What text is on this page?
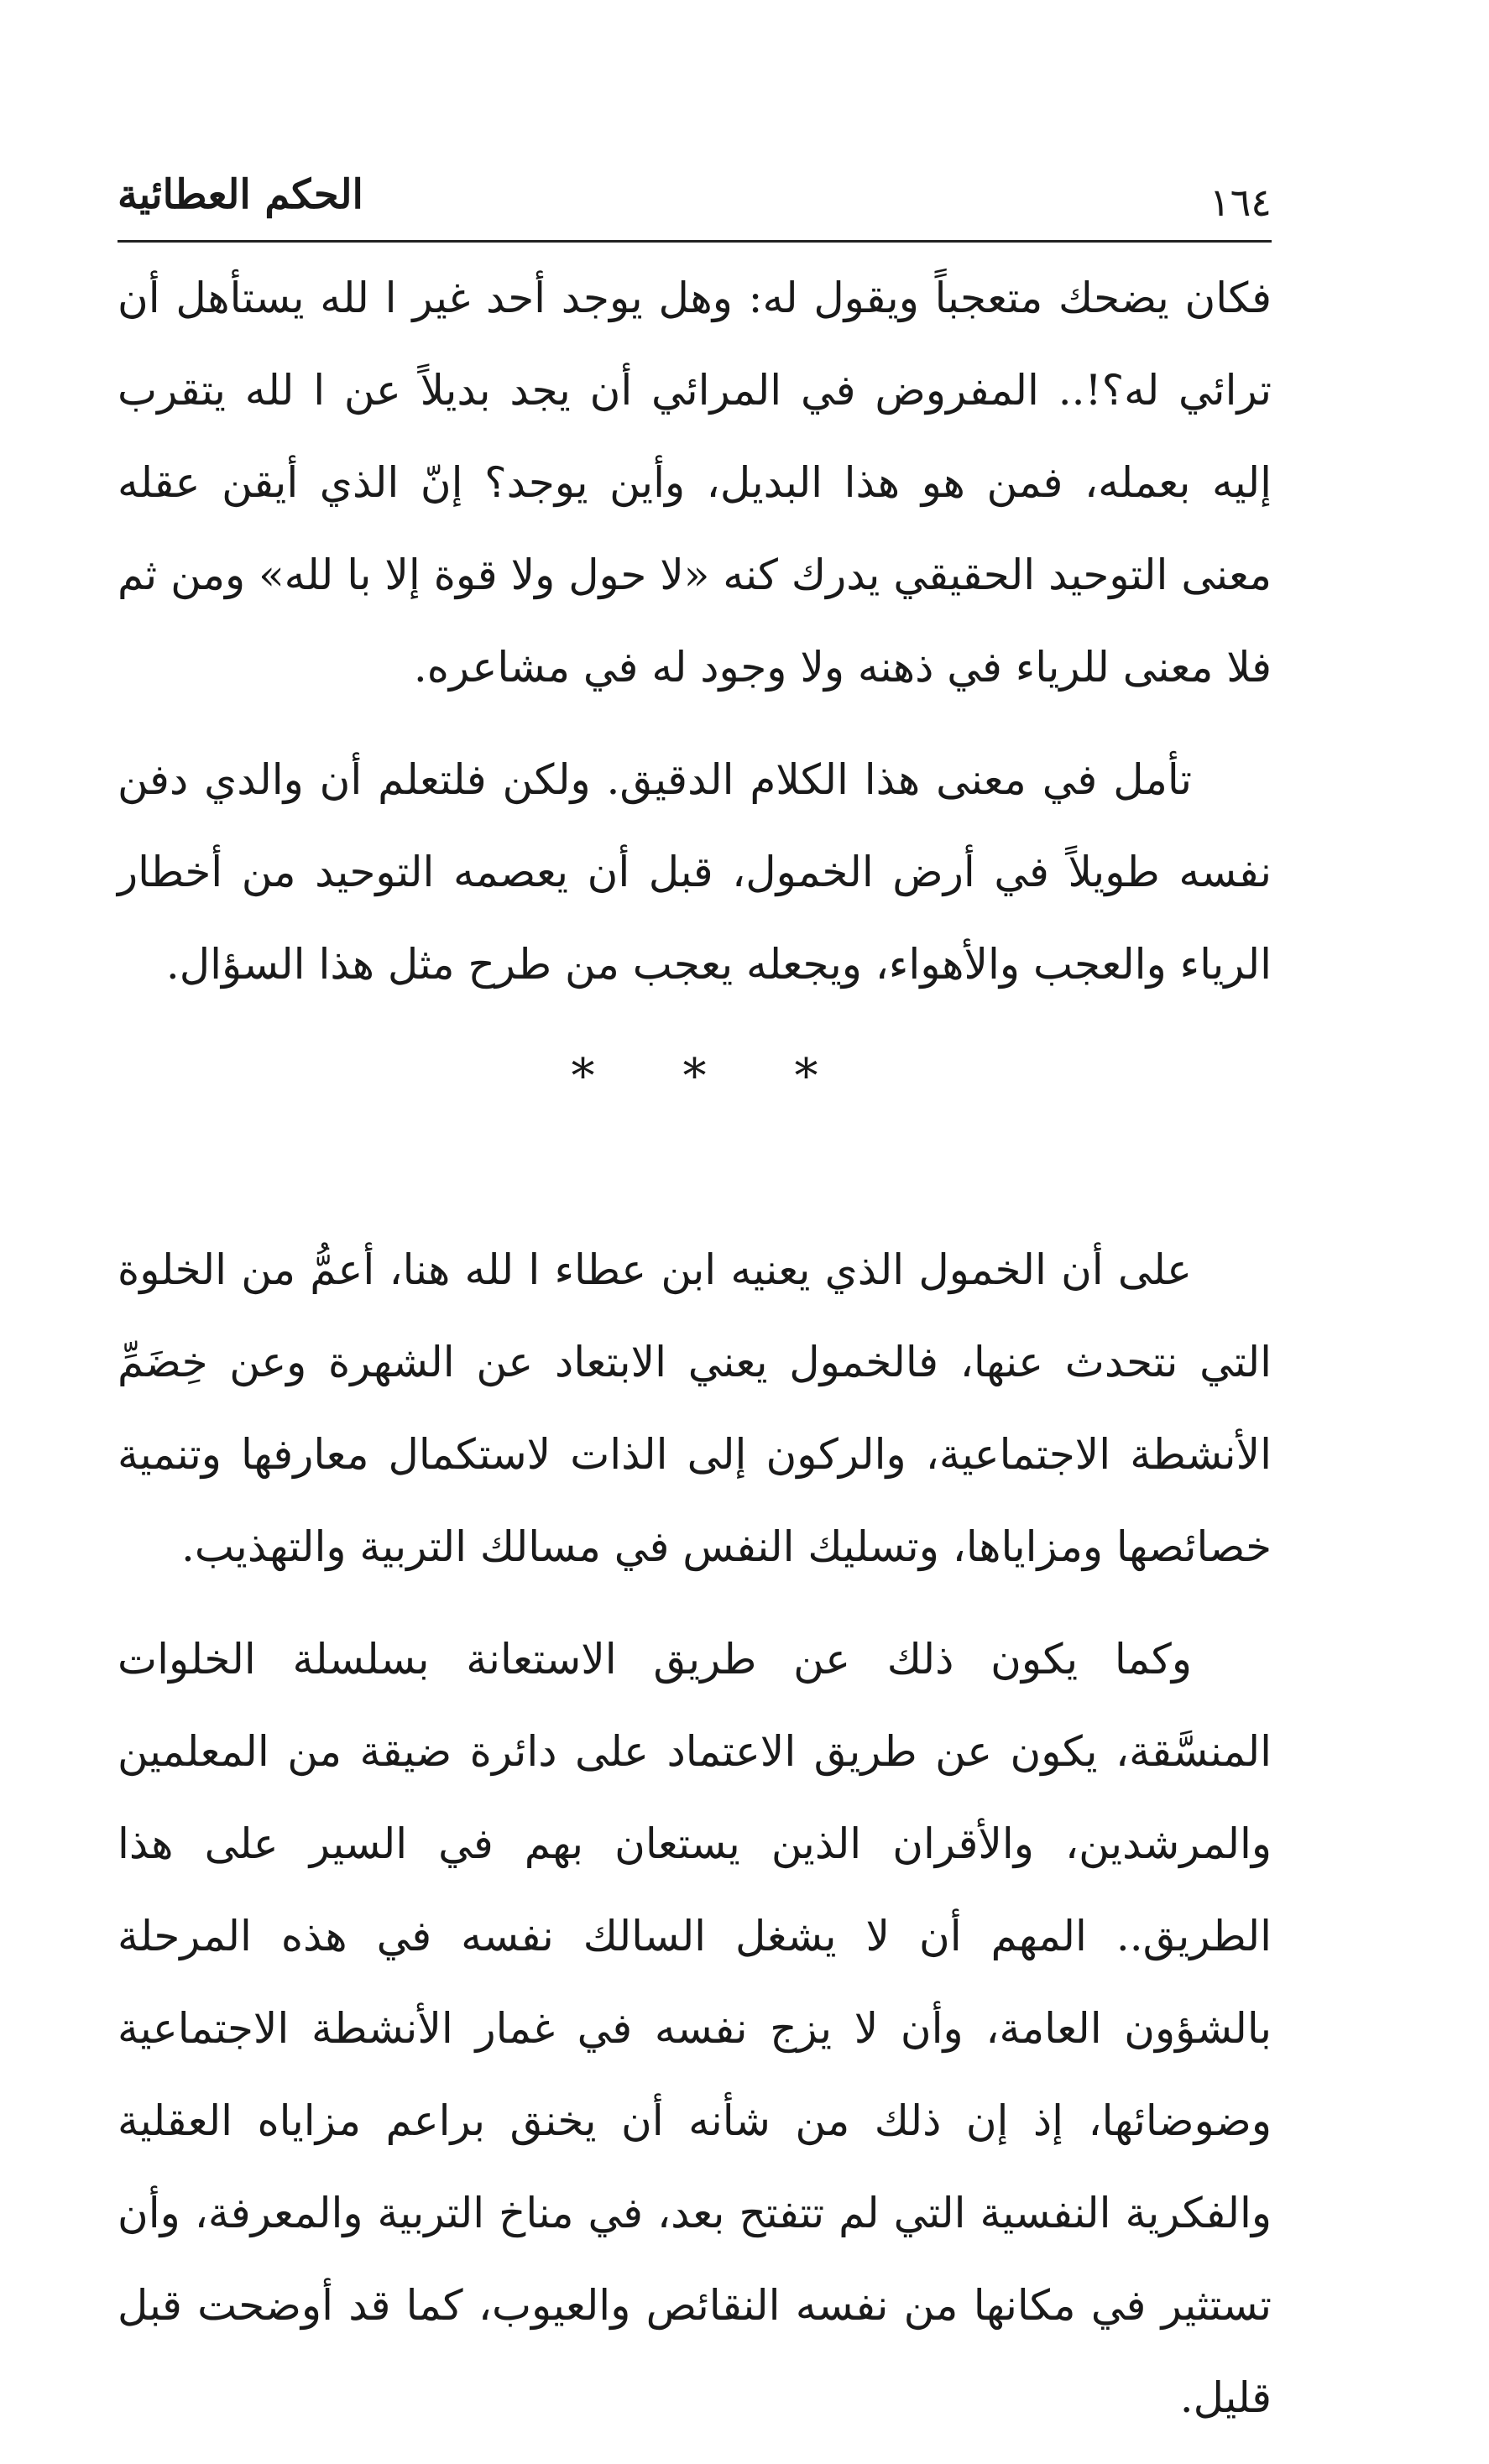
١٦٤
الحكم العطائية

فكان يضحك متعجباً ويقول له: وهل يوجد أحد غير ا لله يستأهل أن ترائي له؟!.. المفروض في المرائي أن يجد بديلاً عن ا لله يتقرب إليه بعمله، فمن هو هذا البديل، وأين يوجد؟ إنّ الذي أيقن عقله معنى التوحيد الحقيقي يدرك كنه «لا حول ولا قوة إلا با لله» ومن ثم فلا معنى للرياء في ذهنه ولا وجود له في مشاعره.

تأمل في معنى هذا الكلام الدقيق. ولكن فلتعلم أن والدي دفن نفسه طويلاً في أرض الخمول، قبل أن يعصمه التوحيد من أخطار الرياء والعجب والأهواء، ويجعله يعجب من طرح مثل هذا السؤال.

* * *

على أن الخمول الذي يعنيه ابن عطاء ا لله هنا، أعمُّ من الخلوة التي نتحدث عنها، فالخمول يعني الابتعاد عن الشهرة وعن خِضَمِّ الأنشطة الاجتماعية، والركون إلى الذات لاستكمال معارفها وتنمية خصائصها ومزاياها، وتسليك النفس في مسالك التربية والتهذيب.

وكما يكون ذلك عن طريق الاستعانة بسلسلة الخلوات المنسَّقة، يكون عن طريق الاعتماد على دائرة ضيقة من المعلمين والمرشدين، والأقران الذين يستعان بهم في السير على هذا الطريق.. المهم أن لا يشغل السالك نفسه في هذه المرحلة بالشؤون العامة، وأن لا يزج نفسه في غمار الأنشطة الاجتماعية وضوضائها، إذ إن ذلك من شأنه أن يخنق براعم مزاياه العقلية والفكرية النفسية التي لم تتفتح بعد، في مناخ التربية والمعرفة، وأن تستثير في مكانها من نفسه النقائص والعيوب، كما قد أوضحت قبل قليل.
